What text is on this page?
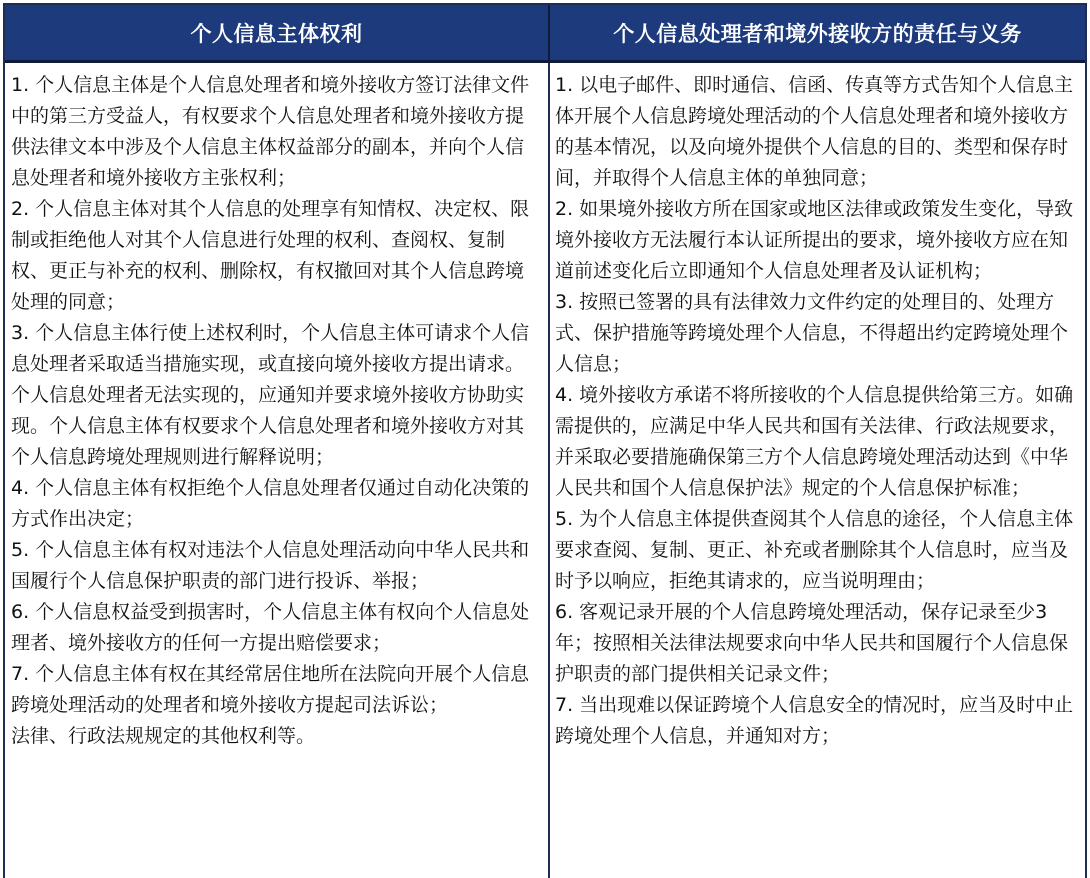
个人信息主体权利	个人信息处理者和境外接收方的责任与义务
1. 个人信息主体是个人信息处理者和境外接收方签订法律文件中的第三方受益人，有权要求个人信息处理者和境外接收方提供法律文本中涉及个人信息主体权益部分的副本，并向个人信息处理者和境外接收方主张权利；
2. 个人信息主体对其个人信息的处理享有知情权、决定权、限制或拒绝他人对其个人信息进行处理的权利、查阅权、复制权、更正与补充的权利、删除权，有权撤回对其个人信息跨境处理的同意；
3. 个人信息主体行使上述权利时，个人信息主体可请求个人信息处理者采取适当措施实现，或直接向境外接收方提出请求。个人信息处理者无法实现的，应通知并要求境外接收方协助实现。个人信息主体有权要求个人信息处理者和境外接收方对其个人信息跨境处理规则进行解释说明；
4. 个人信息主体有权拒绝个人信息处理者仅通过自动化决策的方式作出决定；
5. 个人信息主体有权对违法个人信息处理活动向中华人民共和国履行个人信息保护职责的部门进行投诉、举报；
6. 个人信息权益受到损害时，个人信息主体有权向个人信息处理者、境外接收方的任何一方提出赔偿要求；
7. 个人信息主体有权在其经常居住地所在法院向开展个人信息跨境处理活动的处理者和境外接收方提起司法诉讼；
法律、行政法规规定的其他权利等。
1. 以电子邮件、即时通信、信函、传真等方式告知个人信息主体开展个人信息跨境处理活动的个人信息处理者和境外接收方的基本情况，以及向境外提供个人信息的目的、类型和保存时间，并取得个人信息主体的单独同意；
2. 如果境外接收方所在国家或地区法律或政策发生变化，导致境外接收方无法履行本认证所提出的要求，境外接收方应在知道前述变化后立即通知个人信息处理者及认证机构；
3. 按照已签署的具有法律效力文件约定的处理目的、处理方式、保护措施等跨境处理个人信息，不得超出约定跨境处理个人信息；
4. 境外接收方承诺不将所接收的个人信息提供给第三方。如确需提供的，应满足中华人民共和国有关法律、行政法规要求，并采取必要措施确保第三方个人信息跨境处理活动达到《中华人民共和国个人信息保护法》规定的个人信息保护标准；
5. 为个人信息主体提供查阅其个人信息的途径，个人信息主体要求查阅、复制、更正、补充或者删除其个人信息时，应当及时予以响应，拒绝其请求的，应当说明理由；
6. 客观记录开展的个人信息跨境处理活动，保存记录至少3年；按照相关法律法规要求向中华人民共和国履行个人信息保护职责的部门提供相关记录文件；
7. 当出现难以保证跨境个人信息安全的情况时，应当及时中止跨境处理个人信息，并通知对方；
